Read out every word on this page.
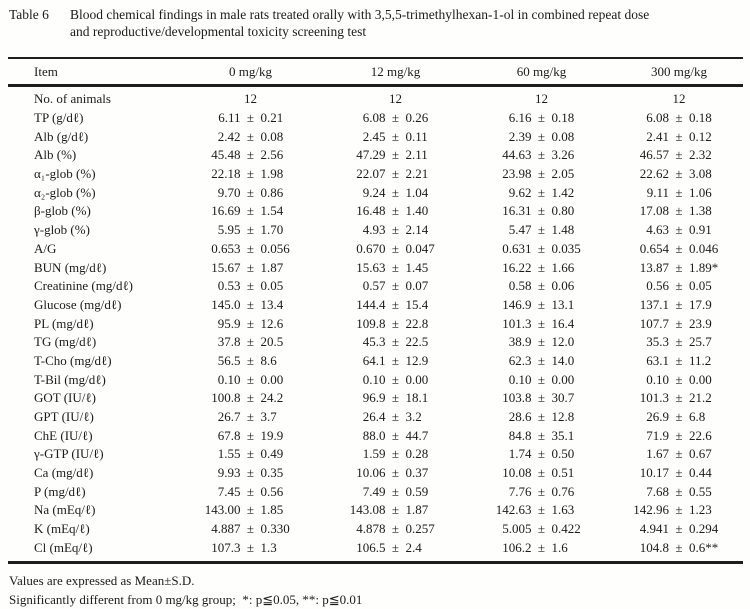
Table 6	Blood chemical findings in male rats treated orally with 3,5,5-trimethylhexan-1-ol in combined repeat dose
and reproductive/developmental toxicity screening test
Item	0 mg/kg	12 mg/kg	60 mg/kg	300 mg/kg
No. of animals	12	12	12	12
TP (g/dℓ)	6.11 ± 0.21	6.08 ± 0.26	6.16 ± 0.18	6.08 ± 0.18
Alb (g/dℓ)	2.42 ± 0.08	2.45 ± 0.11	2.39 ± 0.08	2.41 ± 0.12
Alb (%)	45.48 ± 2.56	47.29 ± 2.11	44.63 ± 3.26	46.57 ± 2.32
α₁-glob (%)	22.18 ± 1.98	22.07 ± 2.21	23.98 ± 2.05	22.62 ± 3.08
α₂-glob (%)	9.70 ± 0.86	9.24 ± 1.04	9.62 ± 1.42	9.11 ± 1.06
β-glob (%)	16.69 ± 1.54	16.48 ± 1.40	16.31 ± 0.80	17.08 ± 1.38
γ-glob (%)	5.95 ± 1.70	4.93 ± 2.14	5.47 ± 1.48	4.63 ± 0.91
A/G	0.653 ± 0.056	0.670 ± 0.047	0.631 ± 0.035	0.654 ± 0.046
BUN (mg/dℓ)	15.67 ± 1.87	15.63 ± 1.45	16.22 ± 1.66	13.87 ± 1.89*
Creatinine (mg/dℓ)	0.53 ± 0.05	0.57 ± 0.07	0.58 ± 0.06	0.56 ± 0.05
Glucose (mg/dℓ)	145.0 ± 13.4	144.4 ± 15.4	146.9 ± 13.1	137.1 ± 17.9
PL (mg/dℓ)	95.9 ± 12.6	109.8 ± 22.8	101.3 ± 16.4	107.7 ± 23.9
TG (mg/dℓ)	37.8 ± 20.5	45.3 ± 22.5	38.9 ± 12.0	35.3 ± 25.7
T-Cho (mg/dℓ)	56.5 ± 8.6	64.1 ± 12.9	62.3 ± 14.0	63.1 ± 11.2
T-Bil (mg/dℓ)	0.10 ± 0.00	0.10 ± 0.00	0.10 ± 0.00	0.10 ± 0.00
GOT (IU/ℓ)	100.8 ± 24.2	96.9 ± 18.1	103.8 ± 30.7	101.3 ± 21.2
GPT (IU/ℓ)	26.7 ± 3.7	26.4 ± 3.2	28.6 ± 12.8	26.9 ± 6.8
ChE (IU/ℓ)	67.8 ± 19.9	88.0 ± 44.7	84.8 ± 35.1	71.9 ± 22.6
γ-GTP (IU/ℓ)	1.55 ± 0.49	1.59 ± 0.28	1.74 ± 0.50	1.67 ± 0.67
Ca (mg/dℓ)	9.93 ± 0.35	10.06 ± 0.37	10.08 ± 0.51	10.17 ± 0.44
P (mg/dℓ)	7.45 ± 0.56	7.49 ± 0.59	7.76 ± 0.76	7.68 ± 0.55
Na (mEq/ℓ)	143.00 ± 1.85	143.08 ± 1.87	142.63 ± 1.63	142.96 ± 1.23
K (mEq/ℓ)	4.887 ± 0.330	4.878 ± 0.257	5.005 ± 0.422	4.941 ± 0.294
Cl (mEq/ℓ)	107.3 ± 1.3	106.5 ± 2.4	106.2 ± 1.6	104.8 ± 0.6**
Values are expressed as Mean±S.D.
Significantly different from 0 mg/kg group;  *: p≦0.05, **: p≦0.01
